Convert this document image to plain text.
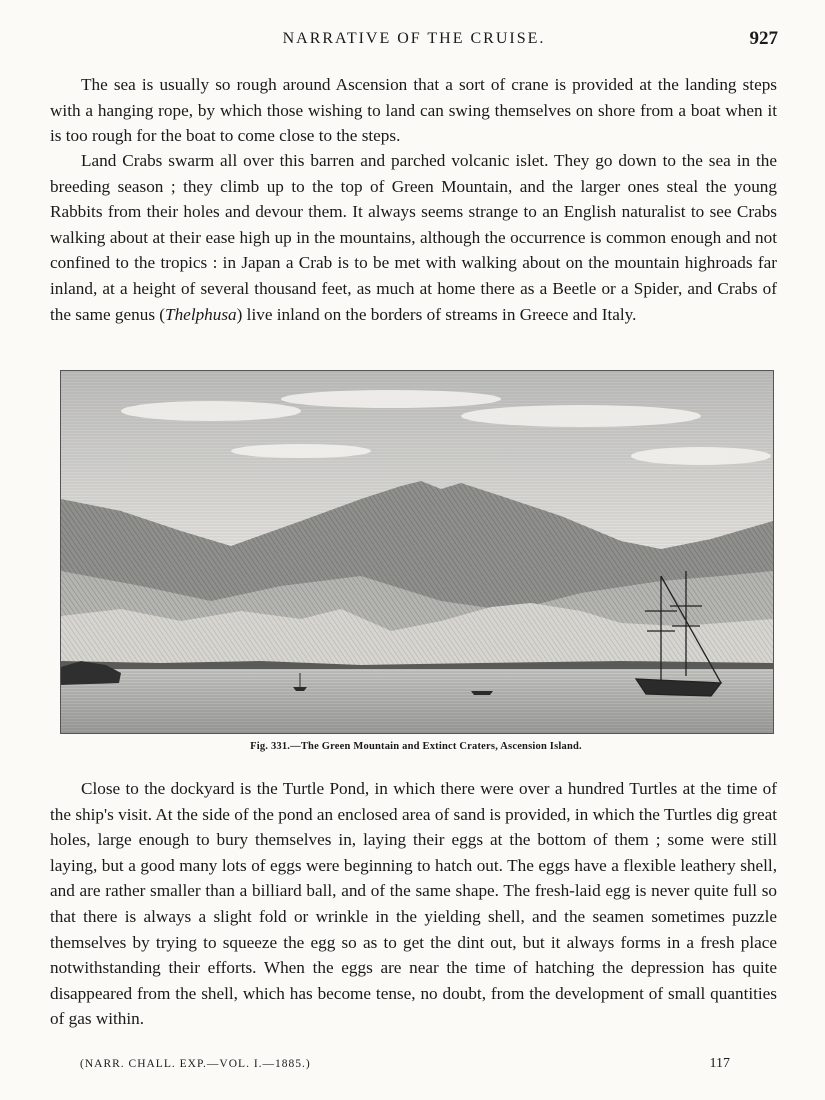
NARRATIVE OF THE CRUISE.	927

The sea is usually so rough around Ascension that a sort of crane is provided at the landing steps with a hanging rope, by which those wishing to land can swing themselves on shore from a boat when it is too rough for the boat to come close to the steps.

Land Crabs swarm all over this barren and parched volcanic islet. They go down to the sea in the breeding season ; they climb up to the top of Green Mountain, and the larger ones steal the young Rabbits from their holes and devour them. It always seems strange to an English naturalist to see Crabs walking about at their ease high up in the mountains, although the occurrence is common enough and not confined to the tropics : in Japan a Crab is to be met with walking about on the mountain highroads far inland, at a height of several thousand feet, as much at home there as a Beetle or a Spider, and Crabs of the same genus (Thelphusa) live inland on the borders of streams in Greece and Italy.

Fig. 331.—The Green Mountain and Extinct Craters, Ascension Island.

Close to the dockyard is the Turtle Pond, in which there were over a hundred Turtles at the time of the ship's visit. At the side of the pond an enclosed area of sand is provided, in which the Turtles dig great holes, large enough to bury themselves in, laying their eggs at the bottom of them ; some were still laying, but a good many lots of eggs were beginning to hatch out. The eggs have a flexible leathery shell, and are rather smaller than a billiard ball, and of the same shape. The fresh-laid egg is never quite full so that there is always a slight fold or wrinkle in the yielding shell, and the seamen sometimes puzzle themselves by trying to squeeze the egg so as to get the dint out, but it always forms in a fresh place notwithstanding their efforts. When the eggs are near the time of hatching the depression has quite disappeared from the shell, which has become tense, no doubt, from the development of small quantities of gas within.

(NARR. CHALL. EXP.—VOL. I.—1885.)	117
